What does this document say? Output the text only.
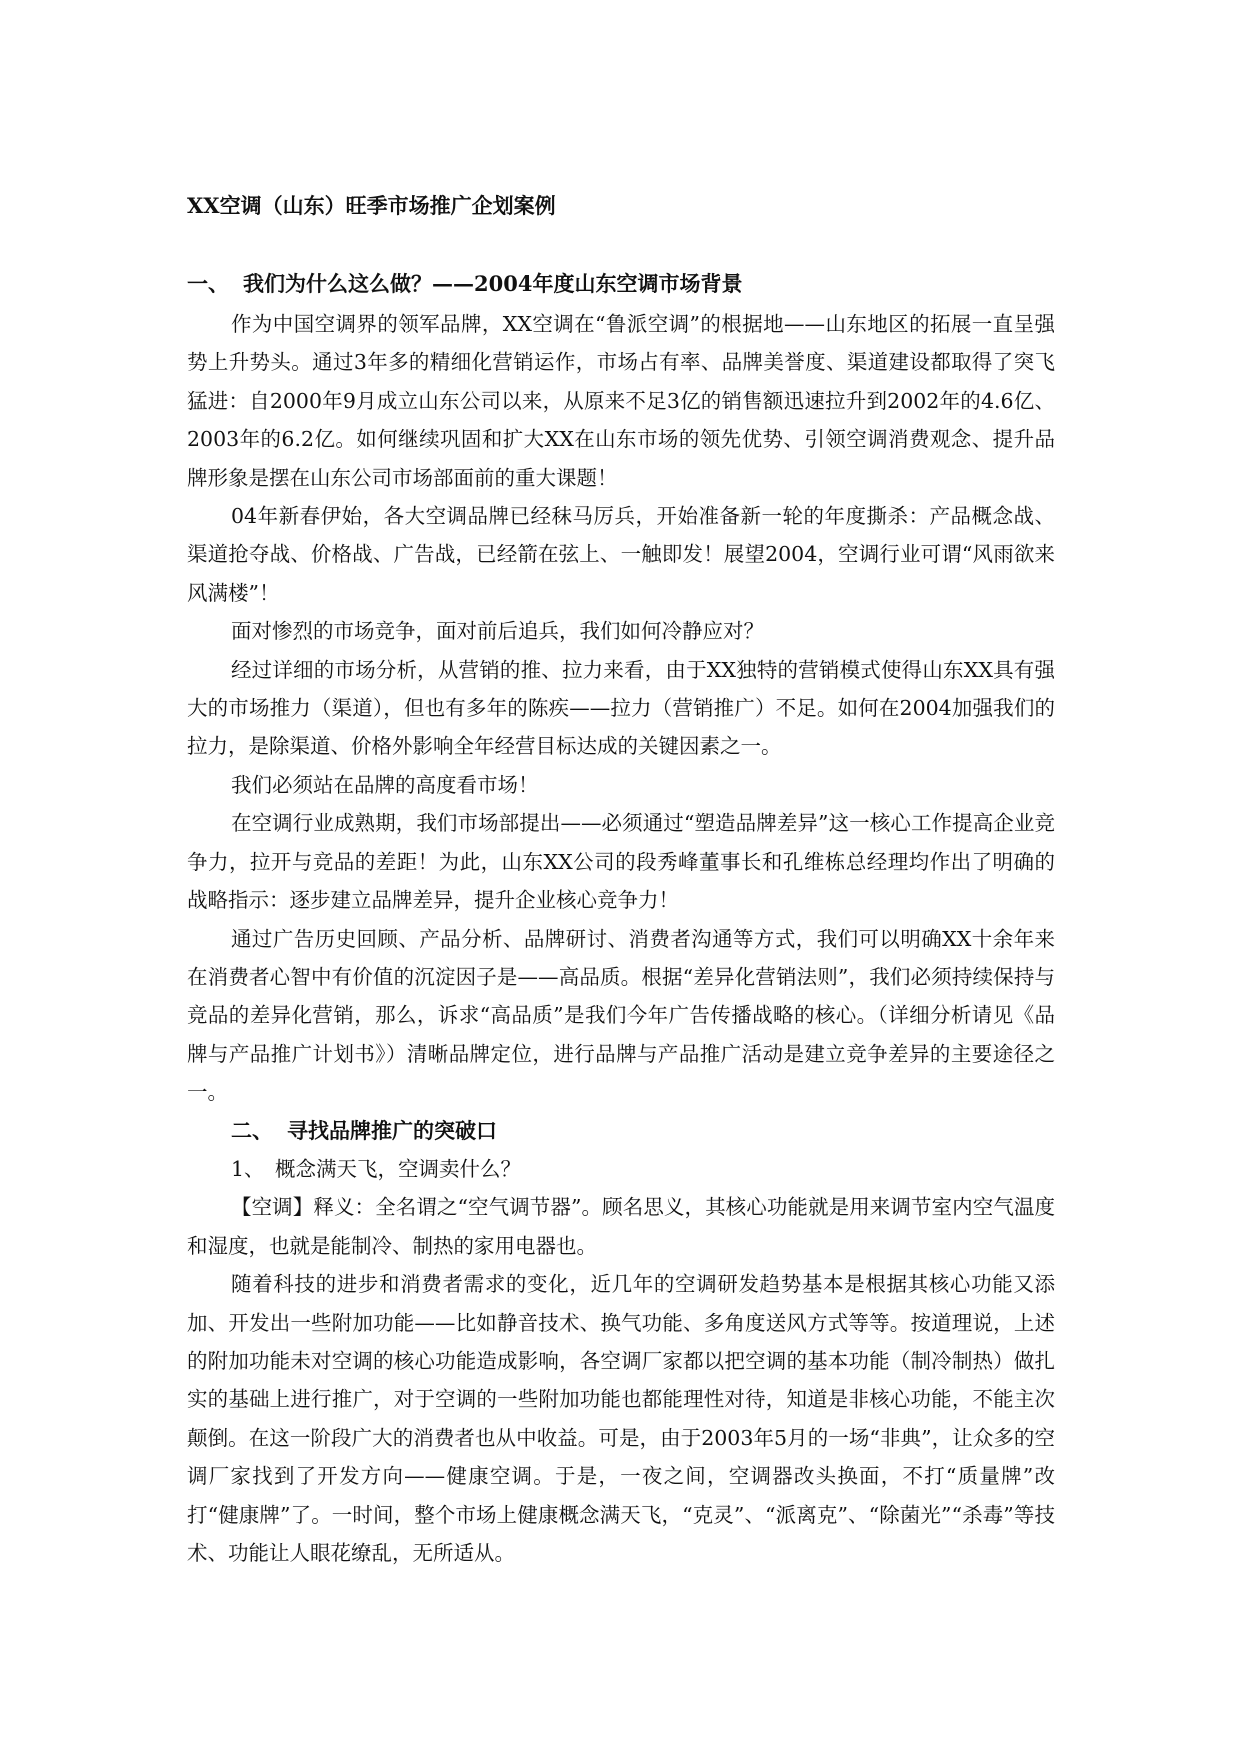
XX空调（山东）旺季市场推广企划案例
一、 我们为什么这么做？——2004年度山东空调市场背景

作为中国空调界的领军品牌，XX空调在“鲁派空调”的根据地——山东地区的拓展一直呈强势上升势头。通过3年多的精细化营销运作，市场占有率、品牌美誉度、渠道建设都取得了突飞猛进：自2000年9月成立山东公司以来，从原来不足3亿的销售额迅速拉升到2002年的4.6亿、2003年的6.2亿。如何继续巩固和扩大XX在山东市场的领先优势、引领空调消费观念、提升品牌形象是摆在山东公司市场部面前的重大课题！

04年新春伊始，各大空调品牌已经秣马厉兵，开始准备新一轮的年度撕杀：产品概念战、渠道抢夺战、价格战、广告战，已经箭在弦上、一触即发！展望2004，空调行业可谓“风雨欲来风满楼”！

面对惨烈的市场竞争，面对前后追兵，我们如何冷静应对？

经过详细的市场分析，从营销的推、拉力来看，由于XX独特的营销模式使得山东XX具有强大的市场推力（渠道），但也有多年的陈疾——拉力（营销推广）不足。如何在2004加强我们的拉力，是除渠道、价格外影响全年经营目标达成的关键因素之一。

我们必须站在品牌的高度看市场！

在空调行业成熟期，我们市场部提出——必须通过“塑造品牌差异”这一核心工作提高企业竞争力，拉开与竞品的差距！为此，山东XX公司的段秀峰董事长和孔维栋总经理均作出了明确的战略指示：逐步建立品牌差异，提升企业核心竞争力！

通过广告历史回顾、产品分析、品牌研讨、消费者沟通等方式，我们可以明确XX十余年来在消费者心智中有价值的沉淀因子是——高品质。根据“差异化营销法则”，我们必须持续保持与竞品的差异化营销，那么，诉求“高品质”是我们今年广告传播战略的核心。（详细分析请见《品牌与产品推广计划书》）清晰品牌定位，进行品牌与产品推广活动是建立竞争差异的主要途径之一。

二、 寻找品牌推广的突破口
1、 概念满天飞，空调卖什么？

【空调】释义：全名谓之“空气调节器”。顾名思义，其核心功能就是用来调节室内空气温度和湿度，也就是能制冷、制热的家用电器也。

随着科技的进步和消费者需求的变化，近几年的空调研发趋势基本是根据其核心功能又添加、开发出一些附加功能——比如静音技术、换气功能、多角度送风方式等等。按道理说，上述的附加功能未对空调的核心功能造成影响，各空调厂家都以把空调的基本功能（制冷制热）做扎实的基础上进行推广，对于空调的一些附加功能也都能理性对待，知道是非核心功能，不能主次颠倒。在这一阶段广大的消费者也从中收益。可是，由于2003年5月的一场“非典”，让众多的空调厂家找到了开发方向——健康空调。于是，一夜之间，空调器改头换面，不打“质量牌”改打“健康牌”了。一时间，整个市场上健康概念满天飞，“克灵”、“派离克”、“除菌光”“杀毒”等技术、功能让人眼花缭乱，无所适从。
